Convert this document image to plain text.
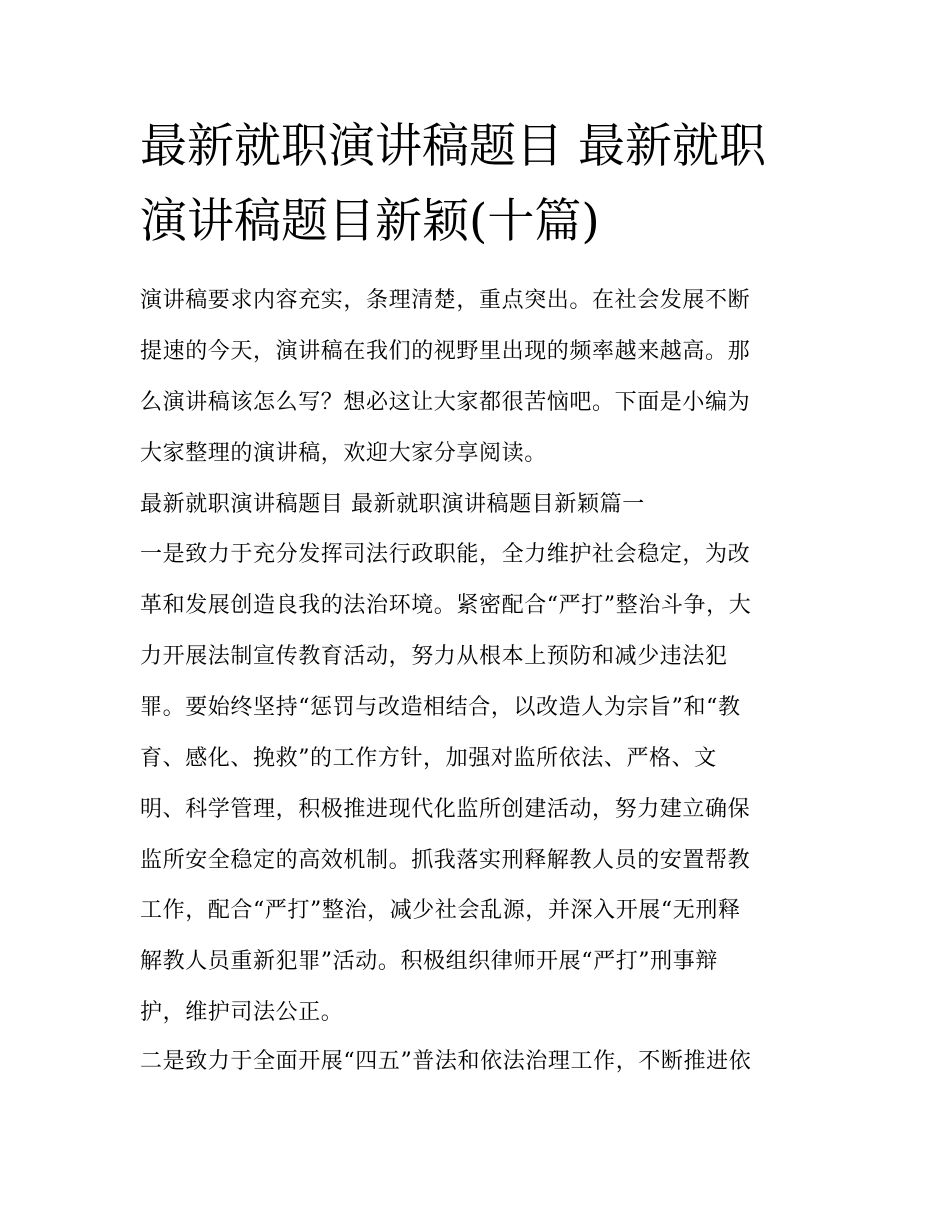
最新就职演讲稿题目 最新就职
演讲稿题目新颖(十篇)
演讲稿要求内容充实，条理清楚，重点突出。在社会发展不断
提速的今天，演讲稿在我们的视野里出现的频率越来越高。那
么演讲稿该怎么写？想必这让大家都很苦恼吧。下面是小编为
大家整理的演讲稿，欢迎大家分享阅读。
最新就职演讲稿题目 最新就职演讲稿题目新颖篇一
一是致力于充分发挥司法行政职能，全力维护社会稳定，为改
革和发展创造良我的法治环境。紧密配合“严打”整治斗争，大
力开展法制宣传教育活动，努力从根本上预防和减少违法犯
罪。要始终坚持“惩罚与改造相结合，以改造人为宗旨”和“教
育、感化、挽救”的工作方针，加强对监所依法、严格、文
明、科学管理，积极推进现代化监所创建活动，努力建立确保
监所安全稳定的高效机制。抓我落实刑释解教人员的安置帮教
工作，配合“严打”整治，减少社会乱源，并深入开展“无刑释
解教人员重新犯罪”活动。积极组织律师开展“严打”刑事辩
护，维护司法公正。
二是致力于全面开展“四五”普法和依法治理工作，不断推进依
